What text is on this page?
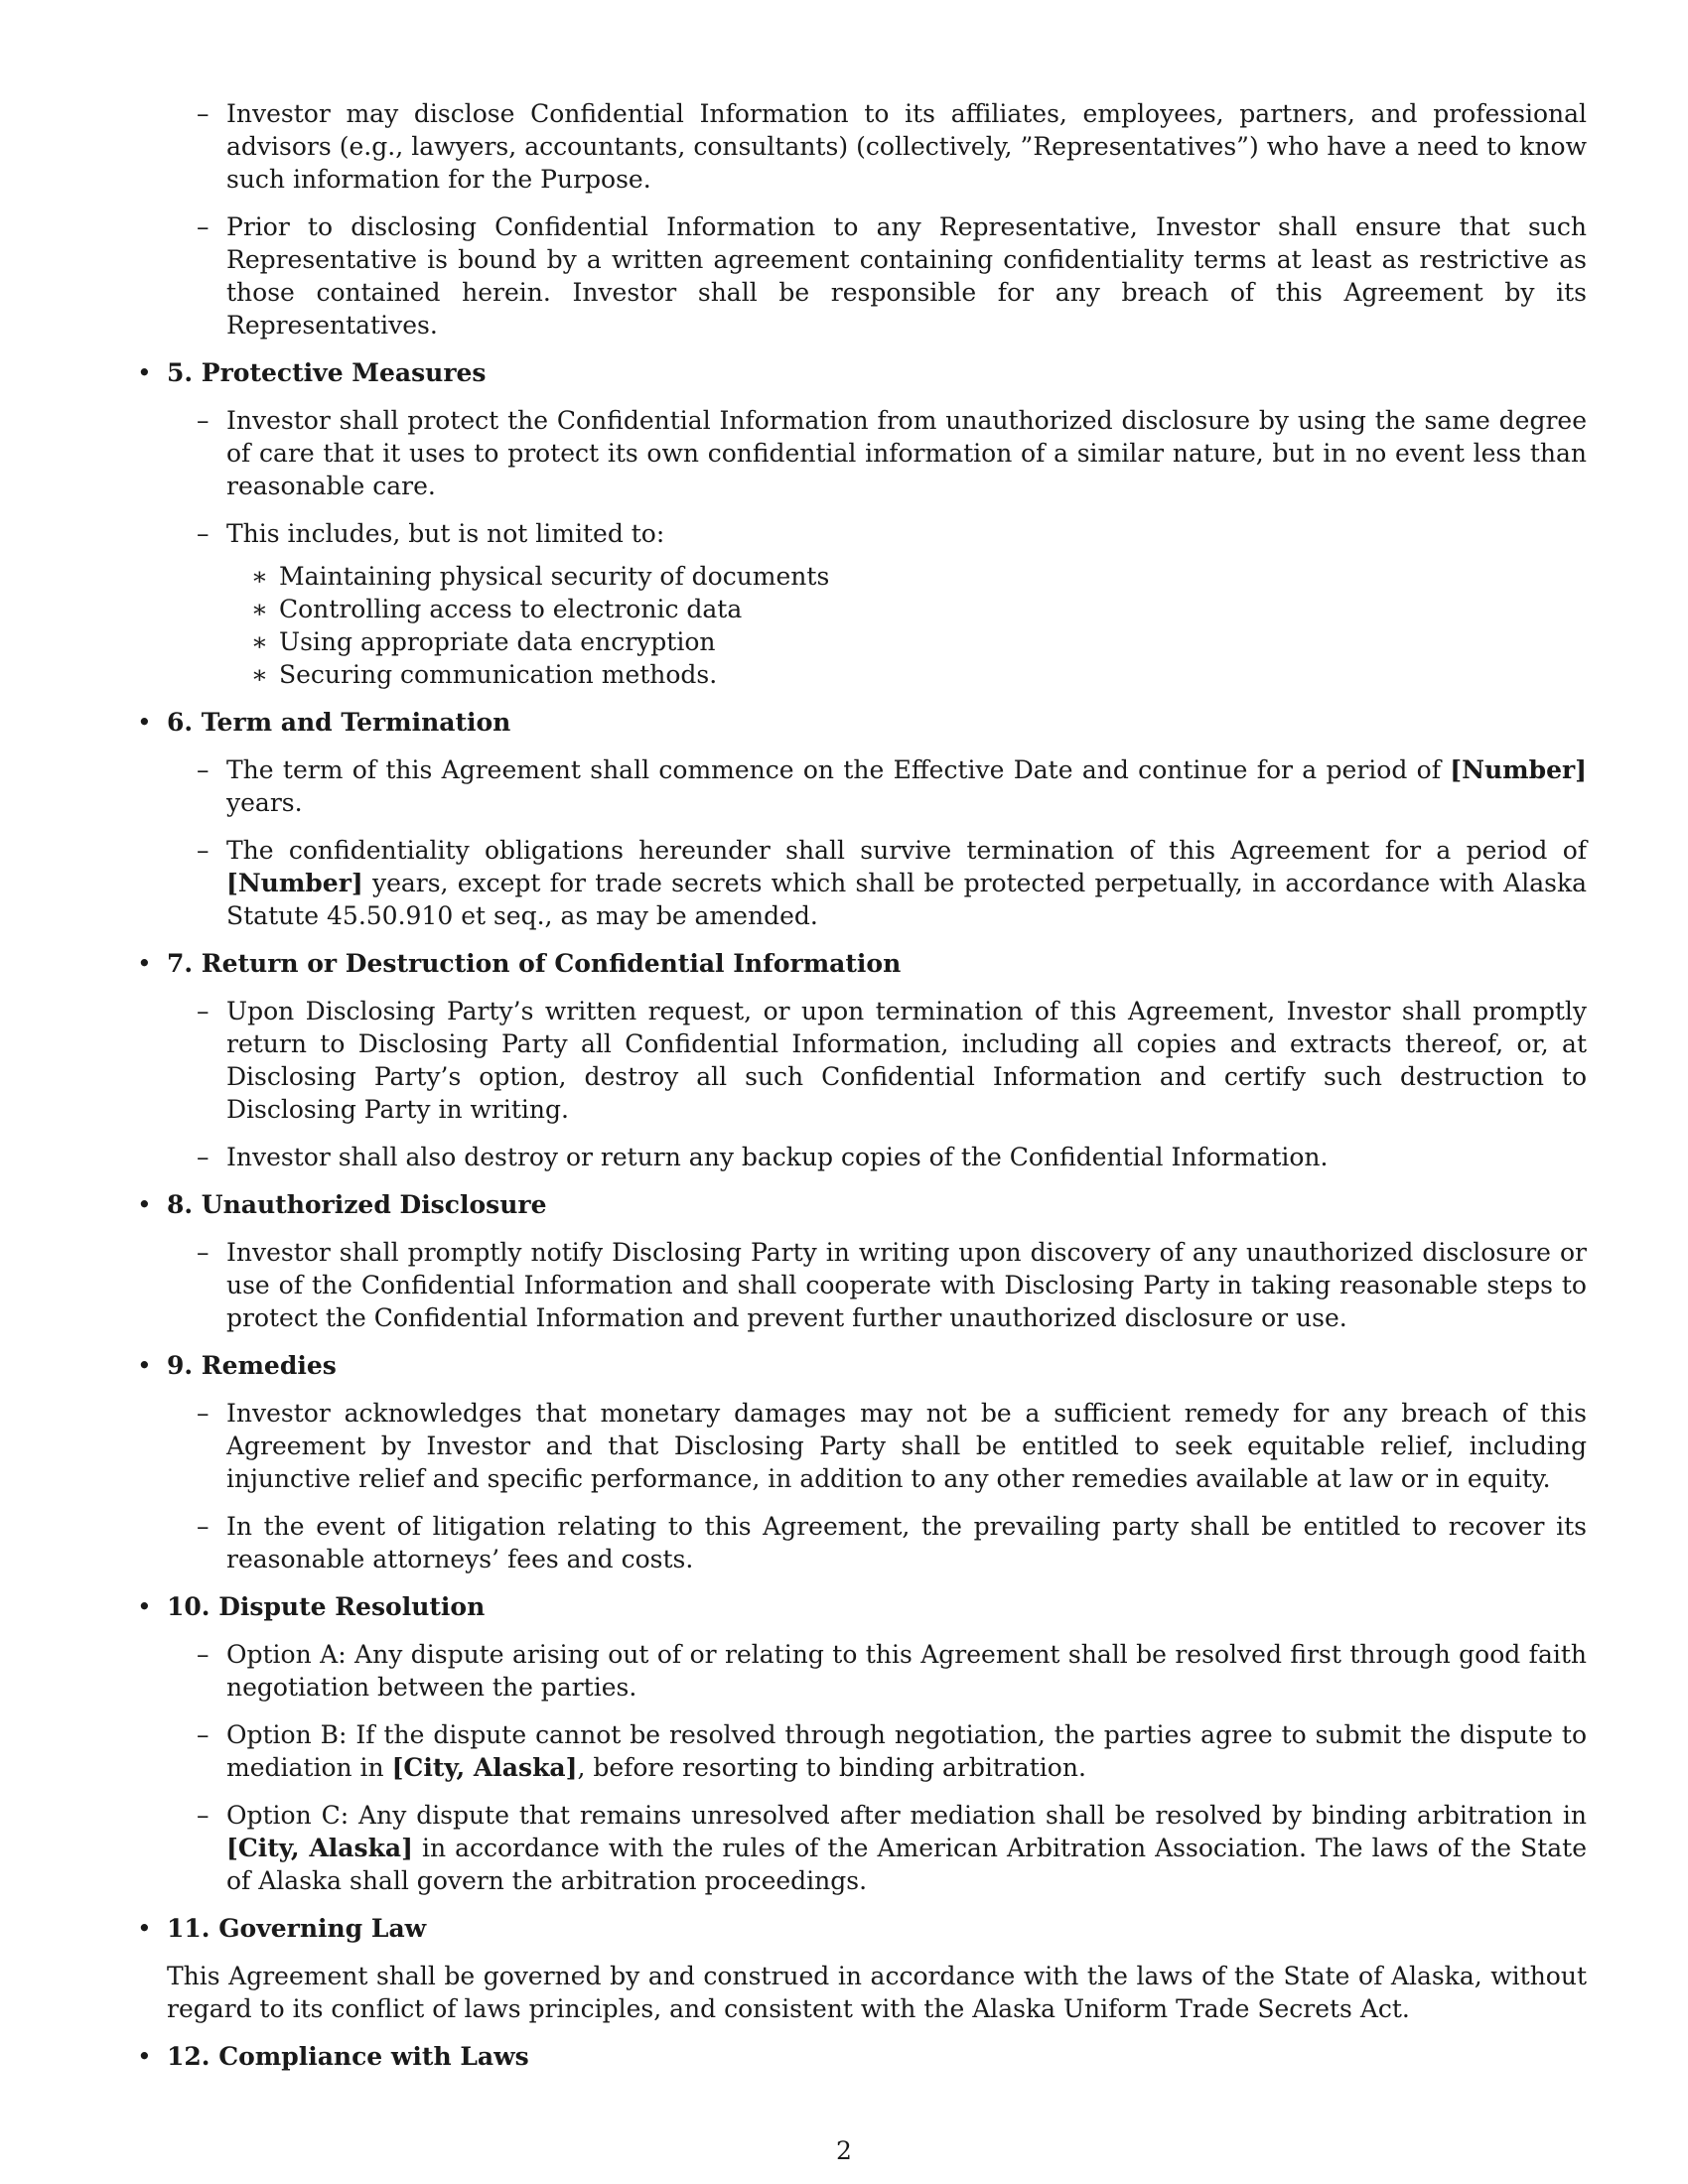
– Investor may disclose Confidential Information to its affiliates, employees, partners, and professional advisors (e.g., lawyers, accountants, consultants) (collectively, ”Representatives”) who have a need to know such information for the Purpose.

– Prior to disclosing Confidential Information to any Representative, Investor shall ensure that such Representative is bound by a written agreement containing confidentiality terms at least as restrictive as those contained herein. Investor shall be responsible for any breach of this Agreement by its Representatives.

• 5. Protective Measures

– Investor shall protect the Confidential Information from unauthorized disclosure by using the same degree of care that it uses to protect its own confidential information of a similar nature, but in no event less than reasonable care.

– This includes, but is not limited to:

∗ Maintaining physical security of documents

∗ Controlling access to electronic data

∗ Using appropriate data encryption

∗ Securing communication methods.

• 6. Term and Termination

– The term of this Agreement shall commence on the Effective Date and continue for a period of [Number] years.

– The confidentiality obligations hereunder shall survive termination of this Agreement for a period of [Number] years, except for trade secrets which shall be protected perpetually, in accordance with Alaska Statute 45.50.910 et seq., as may be amended.

• 7. Return or Destruction of Confidential Information

– Upon Disclosing Party’s written request, or upon termination of this Agreement, Investor shall promptly return to Disclosing Party all Confidential Information, including all copies and extracts thereof, or, at Disclosing Party’s option, destroy all such Confidential Information and certify such destruction to Disclosing Party in writing.

– Investor shall also destroy or return any backup copies of the Confidential Information.

• 8. Unauthorized Disclosure

– Investor shall promptly notify Disclosing Party in writing upon discovery of any unauthorized disclosure or use of the Confidential Information and shall cooperate with Disclosing Party in taking reasonable steps to protect the Confidential Information and prevent further unauthorized disclosure or use.

• 9. Remedies

– Investor acknowledges that monetary damages may not be a sufficient remedy for any breach of this Agreement by Investor and that Disclosing Party shall be entitled to seek equitable relief, including injunctive relief and specific performance, in addition to any other remedies available at law or in equity.

– In the event of litigation relating to this Agreement, the prevailing party shall be entitled to recover its reasonable attorneys’ fees and costs.

• 10. Dispute Resolution

– Option A: Any dispute arising out of or relating to this Agreement shall be resolved first through good faith negotiation between the parties.

– Option B: If the dispute cannot be resolved through negotiation, the parties agree to submit the dispute to mediation in [City, Alaska], before resorting to binding arbitration.

– Option C: Any dispute that remains unresolved after mediation shall be resolved by binding arbitration in [City, Alaska] in accordance with the rules of the American Arbitration Association. The laws of the State of Alaska shall govern the arbitration proceedings.

• 11. Governing Law

This Agreement shall be governed by and construed in accordance with the laws of the State of Alaska, without regard to its conflict of laws principles, and consistent with the Alaska Uniform Trade Secrets Act.

• 12. Compliance with Laws

2
